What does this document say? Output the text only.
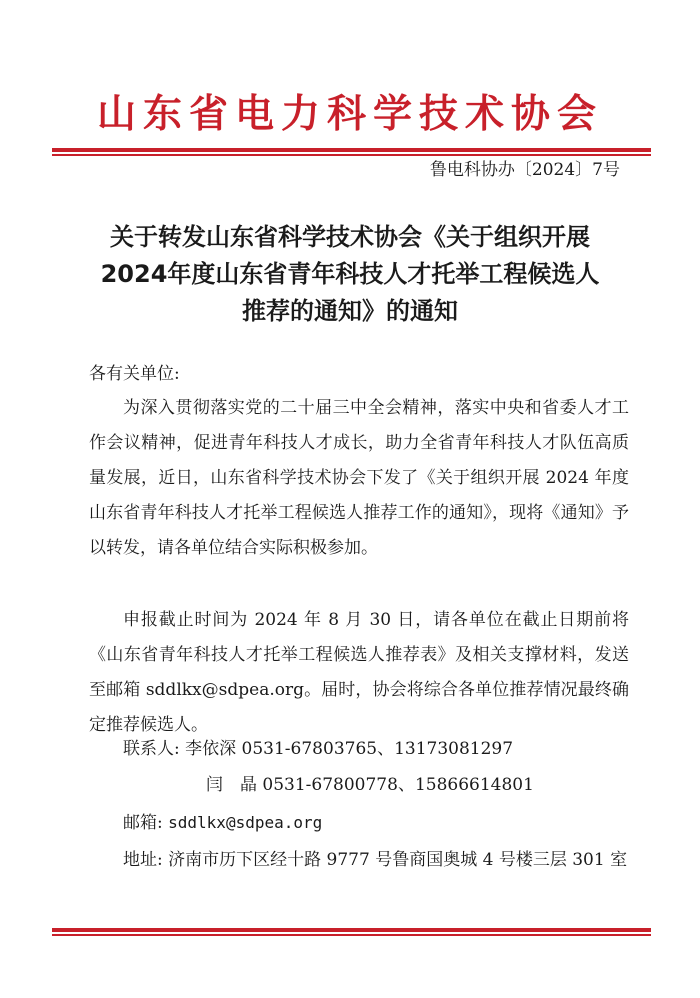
山东省电力科学技术协会
鲁电科协办〔2024〕7号
关于转发山东省科学技术协会《关于组织开展
2024年度山东省青年科技人才托举工程候选人
推荐的通知》的通知
各有关单位:
为深入贯彻落实党的二十届三中全会精神，落实中央和省委人才工作会议精神，促进青年科技人才成长，助力全省青年科技人才队伍高质量发展，近日，山东省科学技术协会下发了《关于组织开展 2024 年度山东省青年科技人才托举工程候选人推荐工作的通知》，现将《通知》予以转发，请各单位结合实际积极参加。
申报截止时间为 2024 年 8 月 30 日，请各单位在截止日期前将《山东省青年科技人才托举工程候选人推荐表》及相关支撑材料，发送至邮箱 sddlkx@sdpea.org。届时，协会将综合各单位推荐情况最终确定推荐候选人。
联系人: 李依深 0531-67803765、13173081297
闫　晶 0531-67800778、15866614801
邮箱: sddlkx@sdpea.org
地址: 济南市历下区经十路 9777 号鲁商国奥城 4 号楼三层 301 室
